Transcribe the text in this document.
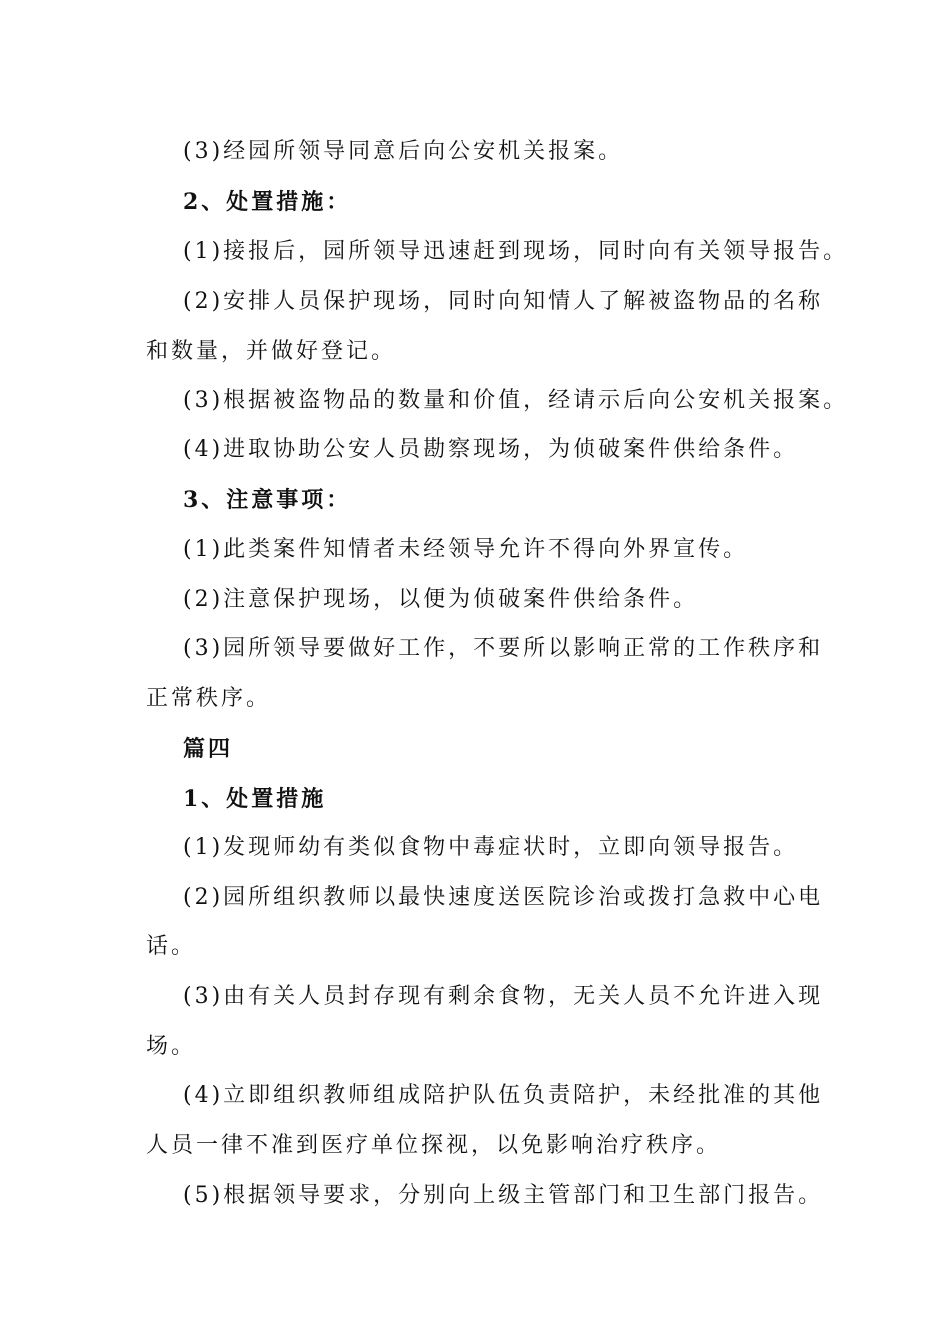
(3)经园所领导同意后向公安机关报案。
2、处置措施：
(1)接报后，园所领导迅速赶到现场，同时向有关领导报告。
(2)安排人员保护现场，同时向知情人了解被盗物品的名称
和数量，并做好登记。
(3)根据被盗物品的数量和价值，经请示后向公安机关报案。
(4)进取协助公安人员勘察现场，为侦破案件供给条件。
3、注意事项：
(1)此类案件知情者未经领导允许不得向外界宣传。
(2)注意保护现场，以便为侦破案件供给条件。
(3)园所领导要做好工作，不要所以影响正常的工作秩序和
正常秩序。
篇四
1、处置措施
(1)发现师幼有类似食物中毒症状时，立即向领导报告。
(2)园所组织教师以最快速度送医院诊治或拨打急救中心电
话。
(3)由有关人员封存现有剩余食物，无关人员不允许进入现
场。
(4)立即组织教师组成陪护队伍负责陪护，未经批准的其他
人员一律不准到医疗单位探视，以免影响治疗秩序。
(5)根据领导要求，分别向上级主管部门和卫生部门报告。
